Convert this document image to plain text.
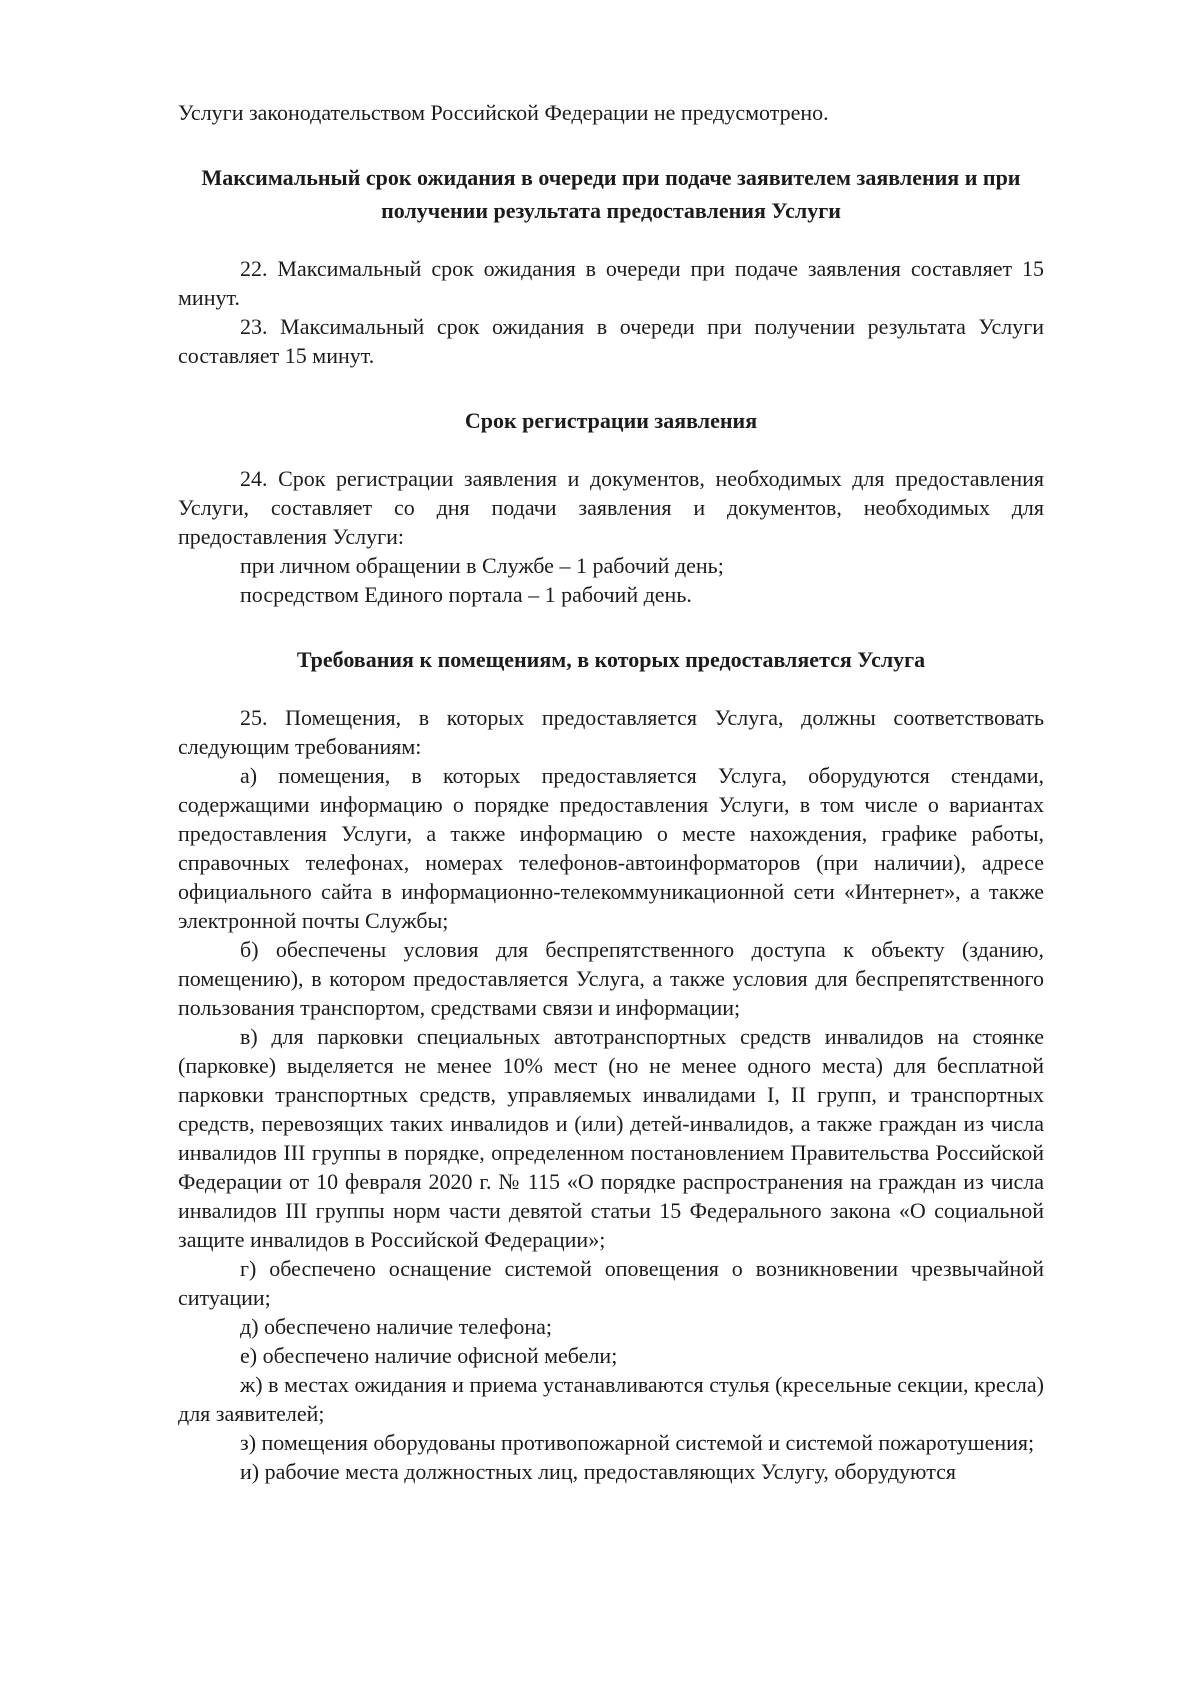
Услуги законодательством Российской Федерации не предусмотрено.

Максимальный срок ожидания в очереди при подаче заявителем заявления и при получении результата предоставления Услуги

22. Максимальный срок ожидания в очереди при подаче заявления составляет 15 минут.

23. Максимальный срок ожидания в очереди при получении результата Услуги составляет 15 минут.

Срок регистрации заявления

24. Срок регистрации заявления и документов, необходимых для предоставления Услуги, составляет со дня подачи заявления и документов, необходимых для предоставления Услуги:

при личном обращении в Службе – 1 рабочий день;

посредством Единого портала – 1 рабочий день.

Требования к помещениям, в которых предоставляется Услуга

25. Помещения, в которых предоставляется Услуга, должны соответствовать следующим требованиям:

а) помещения, в которых предоставляется Услуга, оборудуются стендами, содержащими информацию о порядке предоставления Услуги, в том числе о вариантах предоставления Услуги, а также информацию о месте нахождения, графике работы, справочных телефонах, номерах телефонов-автоинформаторов (при наличии), адресе официального сайта в информационно-телекоммуникационной сети «Интернет», а также электронной почты Службы;

б) обеспечены условия для беспрепятственного доступа к объекту (зданию, помещению), в котором предоставляется Услуга, а также условия для беспрепятственного пользования транспортом, средствами связи и информации;

в) для парковки специальных автотранспортных средств инвалидов на стоянке (парковке) выделяется не менее 10% мест (но не менее одного места) для бесплатной парковки транспортных средств, управляемых инвалидами I, II групп, и транспортных средств, перевозящих таких инвалидов и (или) детей-инвалидов, а также граждан из числа инвалидов III группы в порядке, определенном постановлением Правительства Российской Федерации от 10 февраля 2020 г. № 115 «О порядке распространения на граждан из числа инвалидов III группы норм части девятой статьи 15 Федерального закона «О социальной защите инвалидов в Российской Федерации»;

г) обеспечено оснащение системой оповещения о возникновении чрезвычайной ситуации;

д) обеспечено наличие телефона;

е) обеспечено наличие офисной мебели;

ж) в местах ожидания и приема устанавливаются стулья (кресельные секции, кресла) для заявителей;

з) помещения оборудованы противопожарной системой и системой пожаротушения;

и) рабочие места должностных лиц, предоставляющих Услугу, оборудуются
